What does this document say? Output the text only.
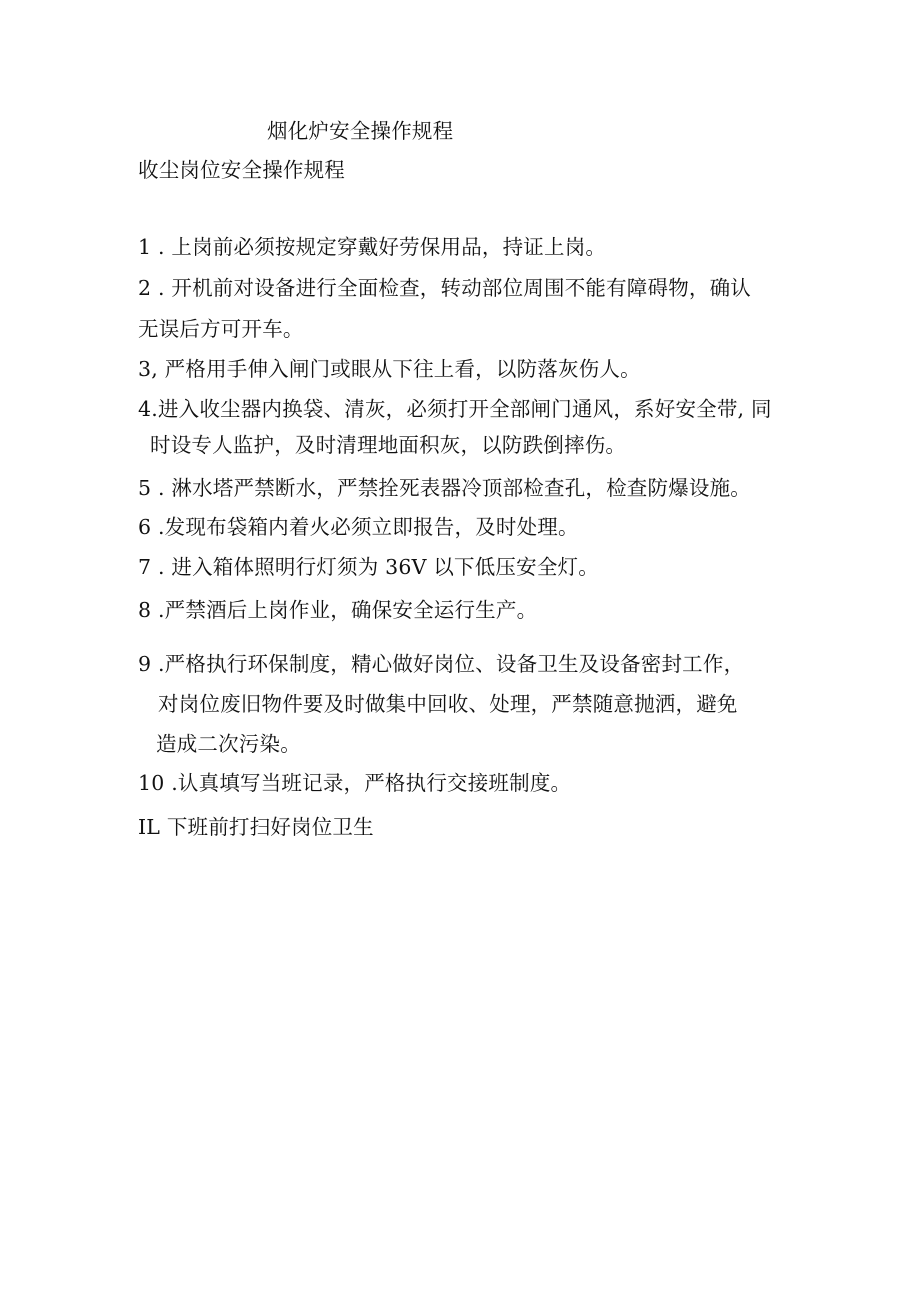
烟化炉安全操作规程
收尘岗位安全操作规程
1 . 上岗前必须按规定穿戴好劳保用品，持证上岗。
2 . 开机前对设备进行全面检查，转动部位周围不能有障碍物，确认
无误后方可开车。
3, 严格用手伸入闸门或眼从下往上看，以防落灰伤人。
4.进入收尘器内换袋、清灰，必须打开全部闸门通风，系好安全带, 同
时设专人监护，及时清理地面积灰，以防跌倒摔伤。
5 . 淋水塔严禁断水，严禁拴死表器冷顶部检查孔，检查防爆设施。
6 .发现布袋箱内着火必须立即报告，及时处理。
7 . 进入箱体照明行灯须为 36V 以下低压安全灯。
8 .严禁酒后上岗作业，确保安全运行生产。
9 .严格执行环保制度，精心做好岗位、设备卫生及设备密封工作，
对岗位废旧物件要及时做集中回收、处理，严禁随意抛洒，避免
造成二次污染。
10 .认真填写当班记录，严格执行交接班制度。
IL 下班前打扫好岗位卫生
